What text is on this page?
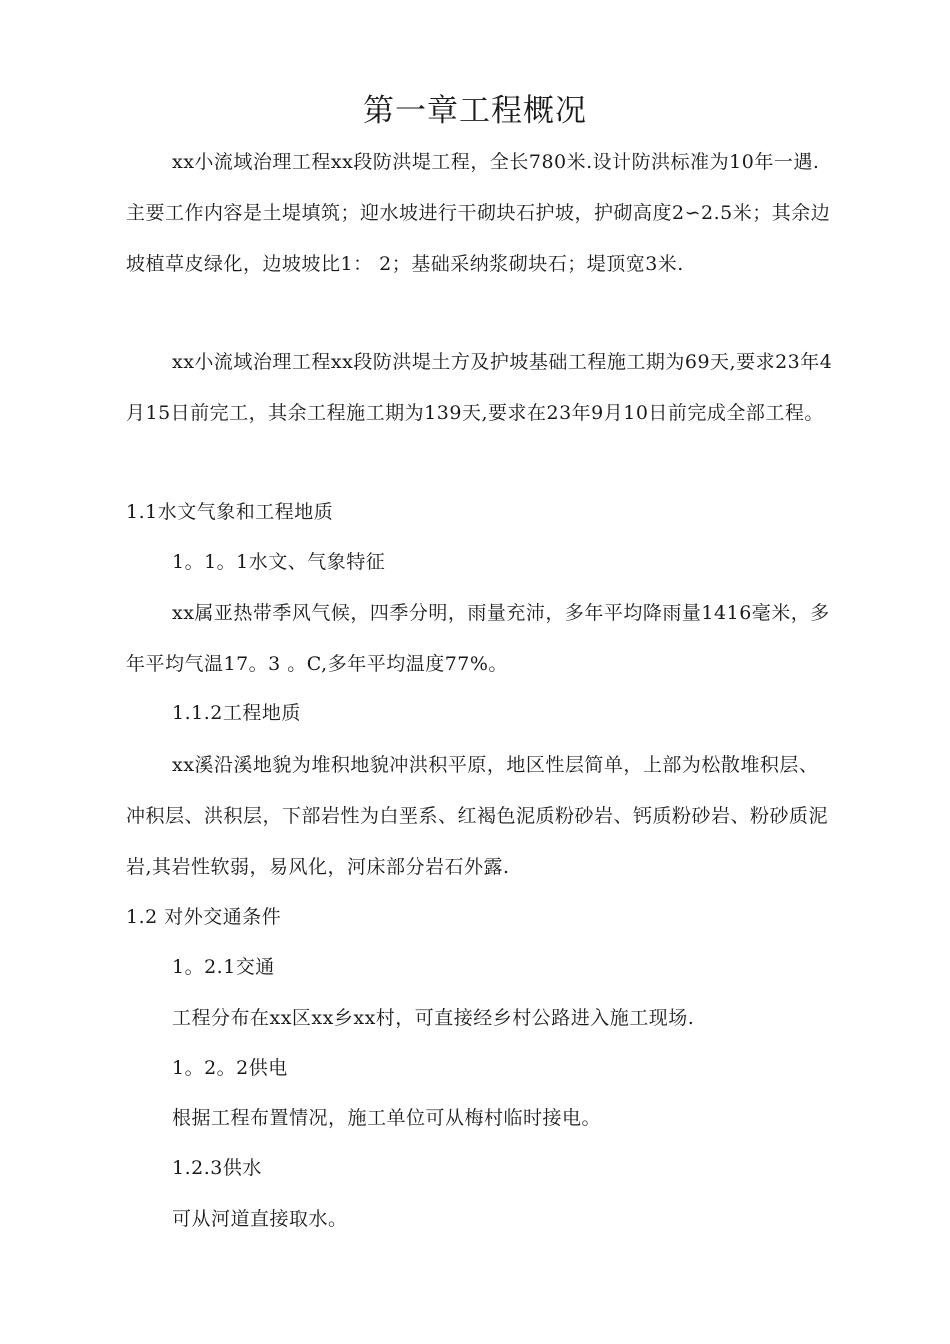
第一章工程概况

xx小流域治理工程xx段防洪堤工程，全长780米.设计防洪标准为10年一遇.主要工作内容是土堤填筑；迎水坡进行干砌块石护坡，护砌高度2∽2.5米；其余边坡植草皮绿化，边坡坡比1： 2；基础采纳浆砌块石；堤顶宽3米.

xx小流域治理工程xx段防洪堤土方及护坡基础工程施工期为69天,要求23年4月15日前完工，其余工程施工期为139天,要求在23年9月10日前完成全部工程。

1.1水文气象和工程地质

1。1。1水文、气象特征

xx属亚热带季风气候，四季分明，雨量充沛，多年平均降雨量1416毫米，多年平均气温17。3 。C,多年平均温度77%。

1.1.2工程地质

xx溪沿溪地貌为堆积地貌冲洪积平原，地区性层简单，上部为松散堆积层、冲积层、洪积层，下部岩性为白垩系、红褐色泥质粉砂岩、钙质粉砂岩、粉砂质泥岩,其岩性软弱，易风化，河床部分岩石外露.

1.2 对外交通条件

1。2.1交通

工程分布在xx区xx乡xx村，可直接经乡村公路进入施工现场.

1。2。2供电

根据工程布置情况，施工单位可从梅村临时接电。

1.2.3供水

可从河道直接取水。
